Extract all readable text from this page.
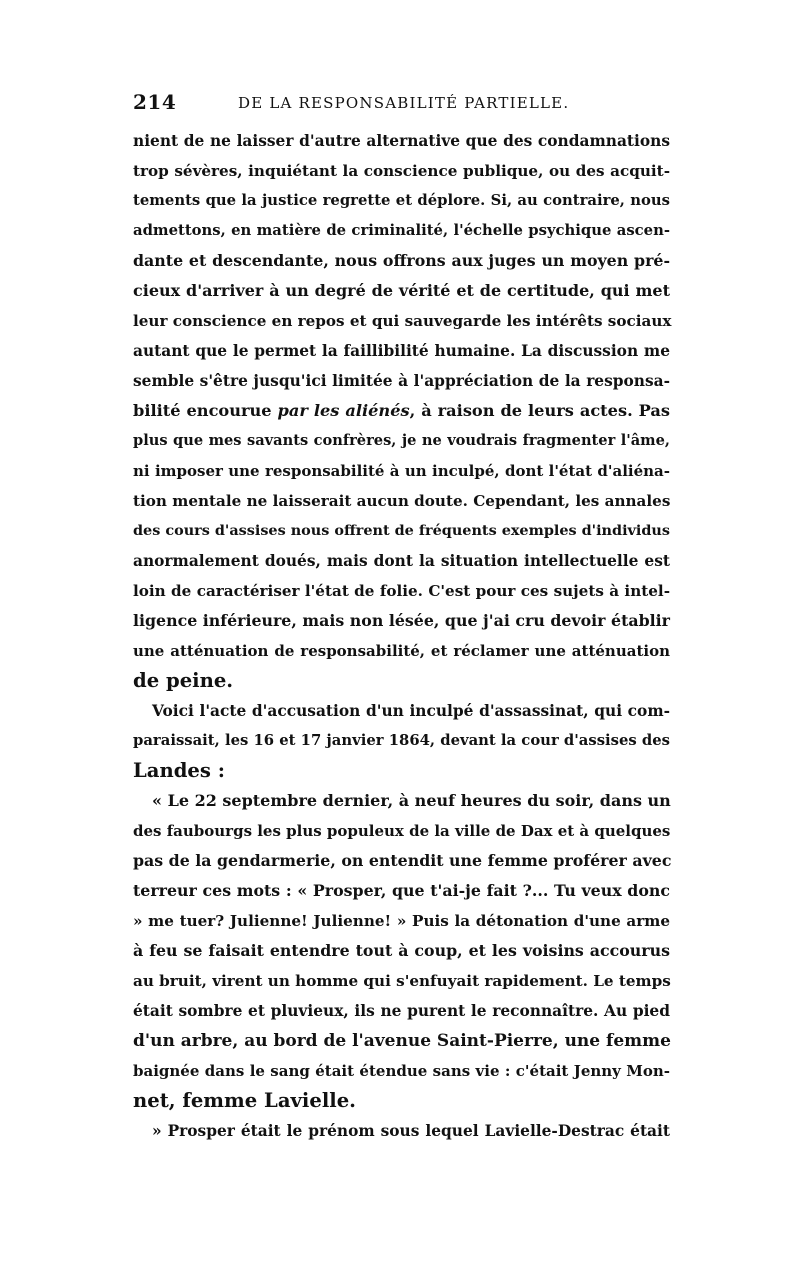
214	DE LA RESPONSABILITÉ PARTIELLE.
nient de ne laisser d'autre alternative que des condamnations
trop sévères, inquiétant la conscience publique, ou des acquit-
tements que la justice regrette et déplore. Si, au contraire, nous
admettons, en matière de criminalité, l'échelle psychique ascen-
dante et descendante, nous offrons aux juges un moyen pré-
cieux d'arriver à un degré de vérité et de certitude, qui met
leur conscience en repos et qui sauvegarde les intérêts sociaux
autant que le permet la faillibilité humaine. La discussion me
semble s'être jusqu'ici limitée à l'appréciation de la responsa-
bilité encourue par les aliénés, à raison de leurs actes. Pas
plus que mes savants confrères, je ne voudrais fragmenter l'âme,
ni imposer une responsabilité à un inculpé, dont l'état d'aliéna-
tion mentale ne laisserait aucun doute. Cependant, les annales
des cours d'assises nous offrent de fréquents exemples d'individus
anormalement doués, mais dont la situation intellectuelle est
loin de caractériser l'état de folie. C'est pour ces sujets à intel-
ligence inférieure, mais non lésée, que j'ai cru devoir établir
une atténuation de responsabilité, et réclamer une atténuation
de peine.
Voici l'acte d'accusation d'un inculpé d'assassinat, qui com-
paraissait, les 16 et 17 janvier 1864, devant la cour d'assises des
Landes :
« Le 22 septembre dernier, à neuf heures du soir, dans un
des faubourgs les plus populeux de la ville de Dax et à quelques
pas de la gendarmerie, on entendit une femme proférer avec
terreur ces mots : « Prosper, que t'ai-je fait ?... Tu veux donc
» me tuer? Julienne! Julienne! » Puis la détonation d'une arme
à feu se faisait entendre tout à coup, et les voisins accourus
au bruit, virent un homme qui s'enfuyait rapidement. Le temps
était sombre et pluvieux, ils ne purent le reconnaître. Au pied
d'un arbre, au bord de l'avenue Saint-Pierre, une femme
baignée dans le sang était étendue sans vie : c'était Jenny Mon-
net, femme Lavielle.
» Prosper était le prénom sous lequel Lavielle-Destrac était
